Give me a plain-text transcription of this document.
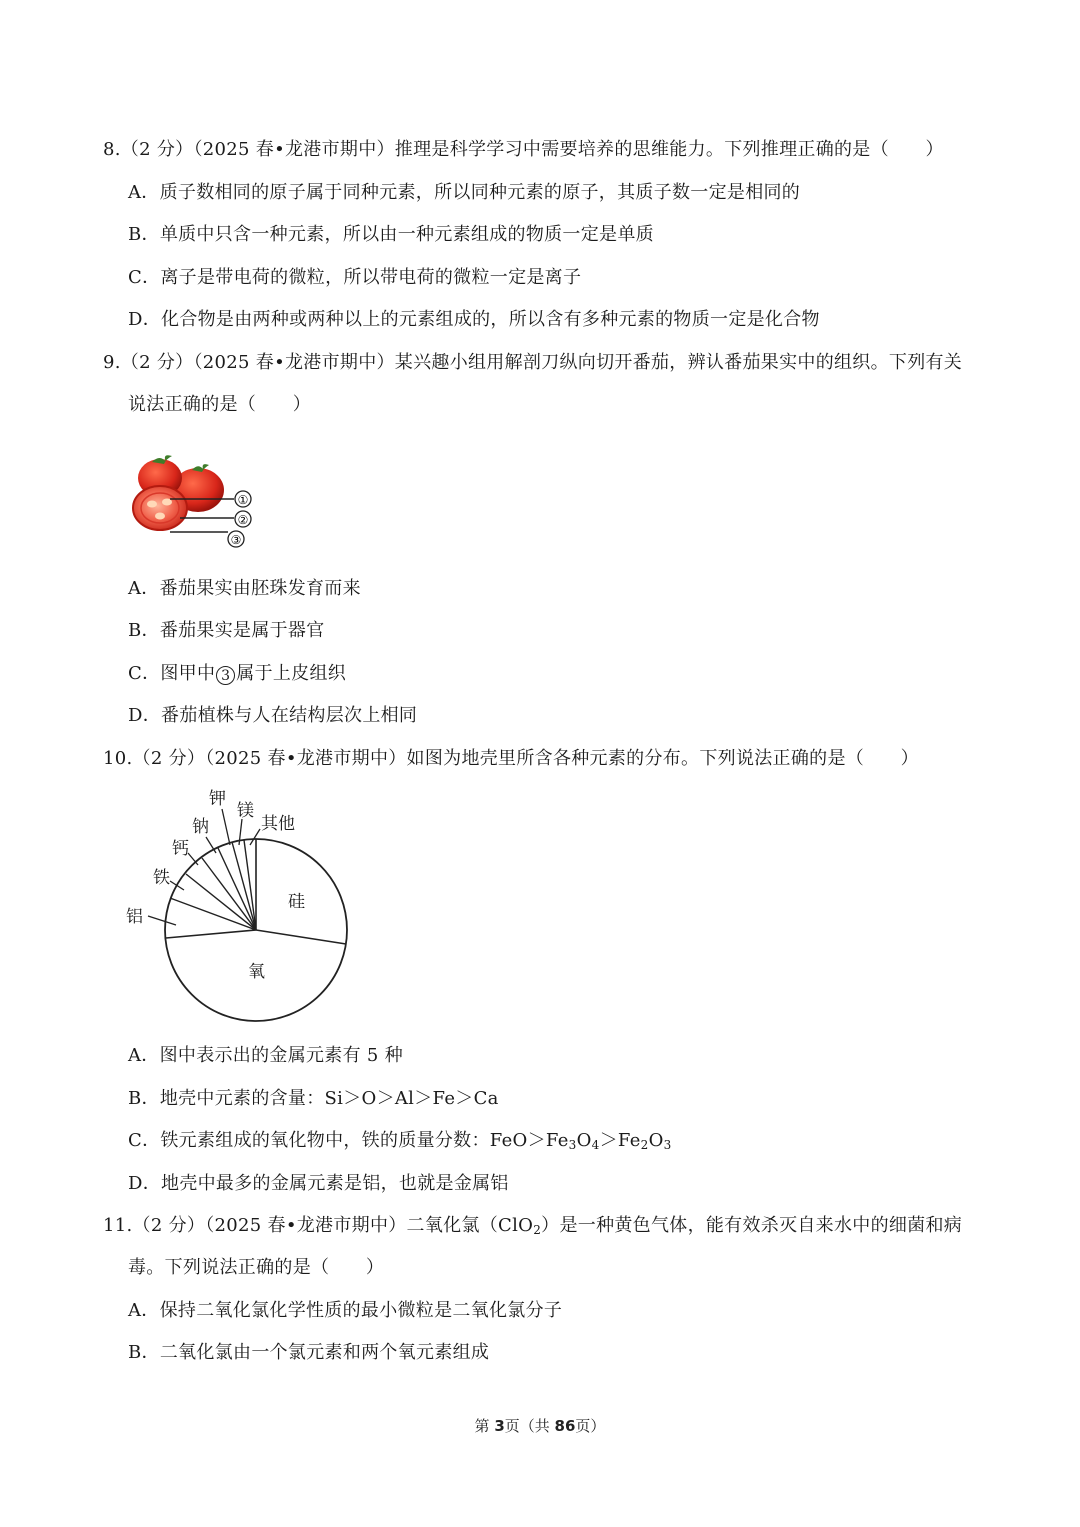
8.（2 分）（2025 春•龙港市期中）推理是科学学习中需要培养的思维能力。下列推理正确的是（　　）
A．质子数相同的原子属于同种元素，所以同种元素的原子，其质子数一定是相同的
B．单质中只含一种元素，所以由一种元素组成的物质一定是单质
C．离子是带电荷的微粒，所以带电荷的微粒一定是离子
D．化合物是由两种或两种以上的元素组成的，所以含有多种元素的物质一定是化合物
9.（2 分）（2025 春•龙港市期中）某兴趣小组用解剖刀纵向切开番茄，辨认番茄果实中的组织。下列有关
说法正确的是（　　）
①
②
③
A．番茄果实由胚珠发育而来
B．番茄果实是属于器官
C．图甲中 3 属于上皮组织
D．番茄植株与人在结构层次上相同
10.（2 分）（2025 春•龙港市期中）如图为地壳里所含各种元素的分布。下列说法正确的是（　　）
硅
氧
铝
铁
钙
钠
钾
镁
其他
A．图中表示出的金属元素有 5 种
B．地壳中元素的含量：Si＞O＞Al＞Fe＞Ca
C．铁元素组成的氧化物中，铁的质量分数：$FeO>Fe_3O_4>Fe_2O_3$
D．地壳中最多的金属元素是铝，也就是金属铝
11.（2 分）（2025 春•龙港市期中）二氧化氯（ClO$_2$）是一种黄色气体，能有效杀灭自来水中的细菌和病
毒。下列说法正确的是（　　）
A．保持二氧化氯化学性质的最小微粒是二氧化氯分子
B．二氧化氯由一个氯元素和两个氧元素组成
第 3页（共 86页）
